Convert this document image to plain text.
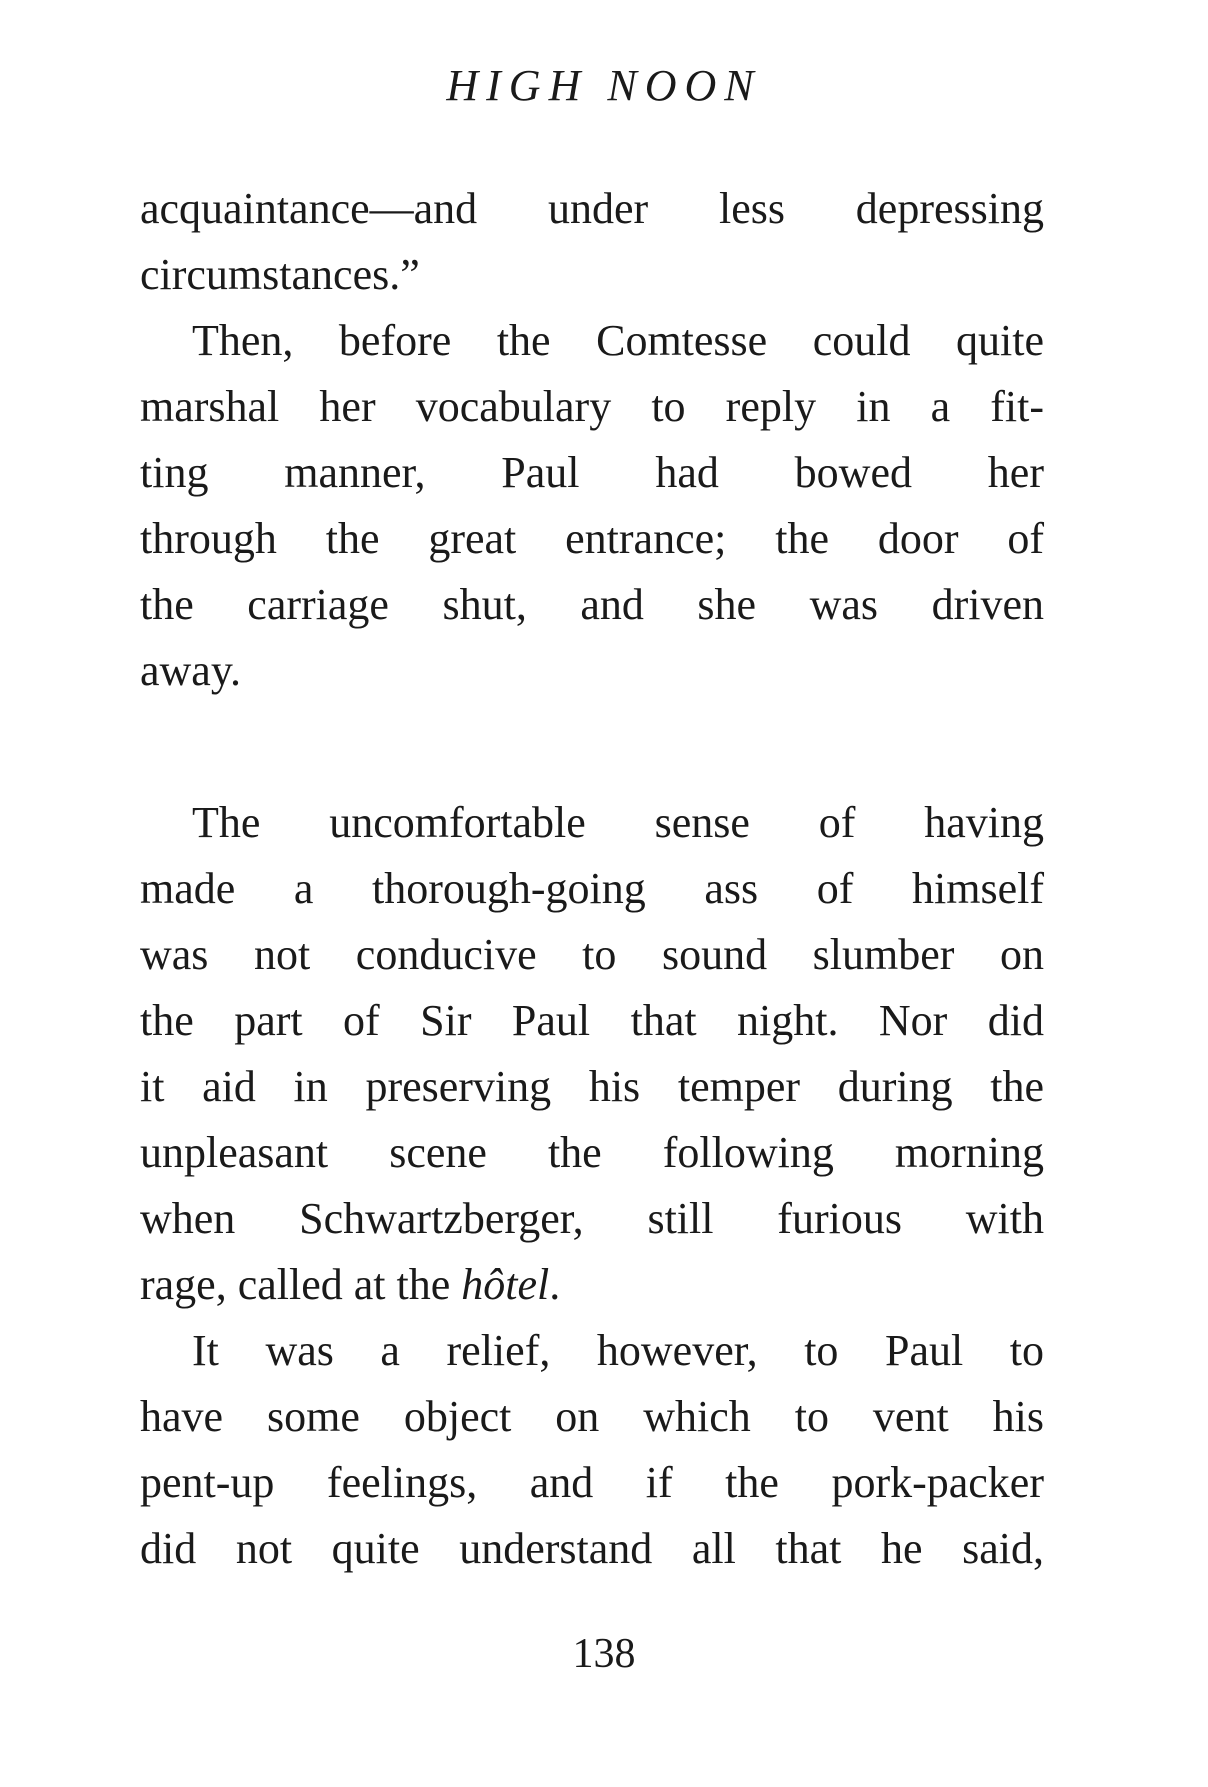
HIGH NOON
acquaintance—and under less depressing
circumstances.”
Then, before the Comtesse could quite
marshal her vocabulary to reply in a fit-
ting manner, Paul had bowed her
through the great entrance; the door of
the carriage shut, and she was driven
away.
The uncomfortable sense of having
made a thorough-going ass of himself
was not conducive to sound slumber on
the part of Sir Paul that night. Nor did
it aid in preserving his temper during the
unpleasant scene the following morning
when Schwartzberger, still furious with
rage, called at the hôtel.
It was a relief, however, to Paul to
have some object on which to vent his
pent-up feelings, and if the pork-packer
did not quite understand all that he said,
138
